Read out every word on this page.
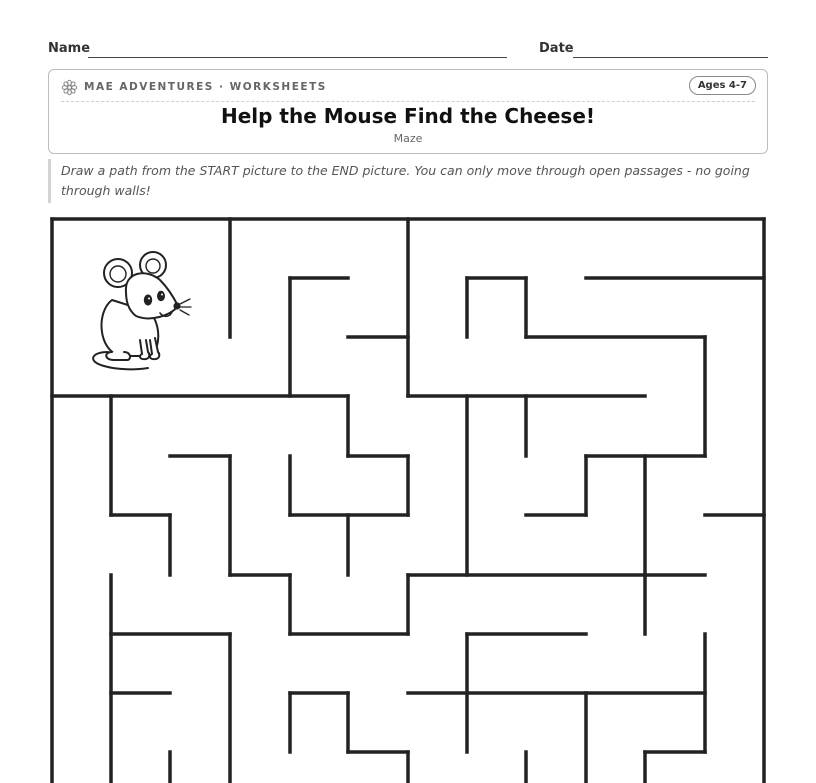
Name	Date
MAE ADVENTURES · WORKSHEETS	Ages 4-7
Help the Mouse Find the Cheese!
Maze
Draw a path from the START picture to the END picture. You can only move through open passages - no going through walls!
